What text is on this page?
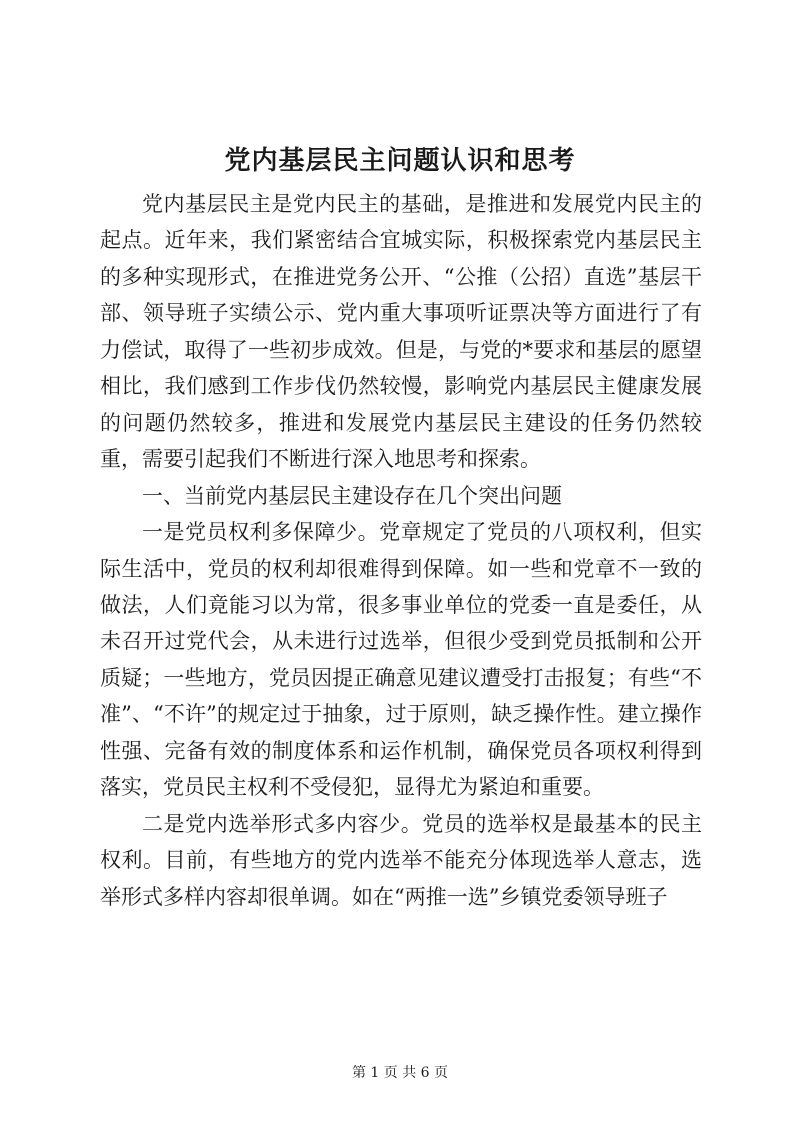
党内基层民主问题认识和思考

党内基层民主是党内民主的基础，是推进和发展党内民主的起点。近年来，我们紧密结合宜城实际，积极探索党内基层民主的多种实现形式，在推进党务公开、“公推（公招）直选”基层干部、领导班子实绩公示、党内重大事项听证票决等方面进行了有力偿试，取得了一些初步成效。但是，与党的*要求和基层的愿望相比，我们感到工作步伐仍然较慢，影响党内基层民主健康发展的问题仍然较多，推进和发展党内基层民主建设的任务仍然较重，需要引起我们不断进行深入地思考和探索。

一、当前党内基层民主建设存在几个突出问题

一是党员权利多保障少。党章规定了党员的八项权利，但实际生活中，党员的权利却很难得到保障。如一些和党章不一致的做法，人们竟能习以为常，很多事业单位的党委一直是委任，从未召开过党代会，从未进行过选举，但很少受到党员抵制和公开质疑；一些地方，党员因提正确意见建议遭受打击报复；有些“不准”、“不许”的规定过于抽象，过于原则，缺乏操作性。建立操作性强、完备有效的制度体系和运作机制，确保党员各项权利得到落实，党员民主权利不受侵犯，显得尤为紧迫和重要。

二是党内选举形式多内容少。党员的选举权是最基本的民主权利。目前，有些地方的党内选举不能充分体现选举人意志，选举形式多样内容却很单调。如在“两推一选”乡镇党委领导班子

第 1 页 共 6 页
